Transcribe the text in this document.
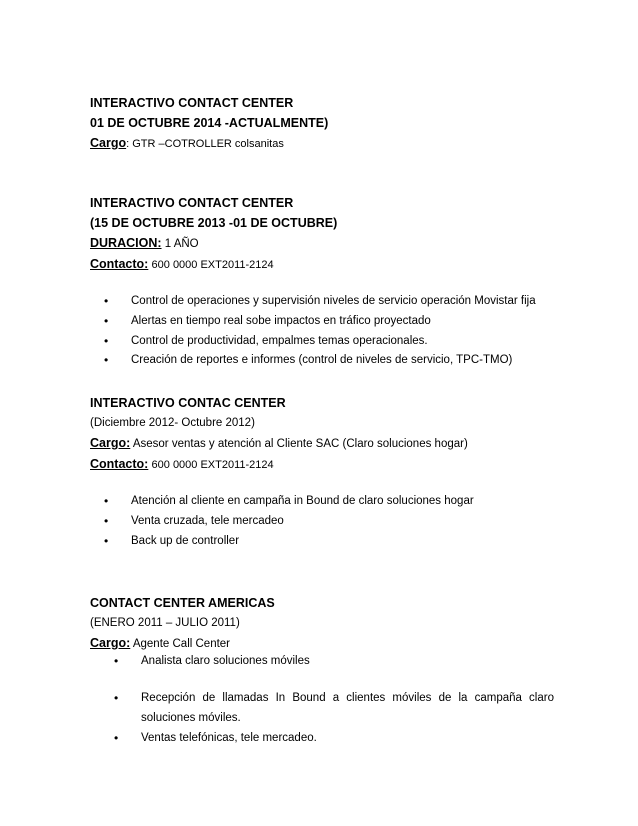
INTERACTIVO CONTACT CENTER
01 DE OCTUBRE 2014 -ACTUALMENTE)
Cargo: GTR –COTROLLER colsanitas
INTERACTIVO CONTACT CENTER
(15 DE OCTUBRE 2013 -01 DE OCTUBRE)
DURACION: 1 AÑO
Contacto: 600 0000 EXT2011-2124
• Control de operaciones y supervisión niveles de servicio operación Movistar fija
• Alertas en tiempo real sobe impactos en tráfico proyectado
• Control de productividad, empalmes temas operacionales.
• Creación de reportes e informes (control de niveles de servicio, TPC-TMO)
INTERACTIVO CONTAC CENTER
(Diciembre 2012- Octubre 2012)
Cargo: Asesor ventas y atención al Cliente SAC (Claro soluciones hogar)
Contacto: 600 0000 EXT2011-2124
• Atención al cliente en campaña in Bound de claro soluciones hogar
• Venta cruzada, tele mercadeo
• Back up de controller
CONTACT CENTER AMERICAS
(ENERO 2011 – JULIO 2011)
Cargo: Agente Call Center
• Analista claro soluciones móviles
• Recepción de llamadas In Bound a clientes móviles de la campaña claro
soluciones móviles.
• Ventas telefónicas, tele mercadeo.
